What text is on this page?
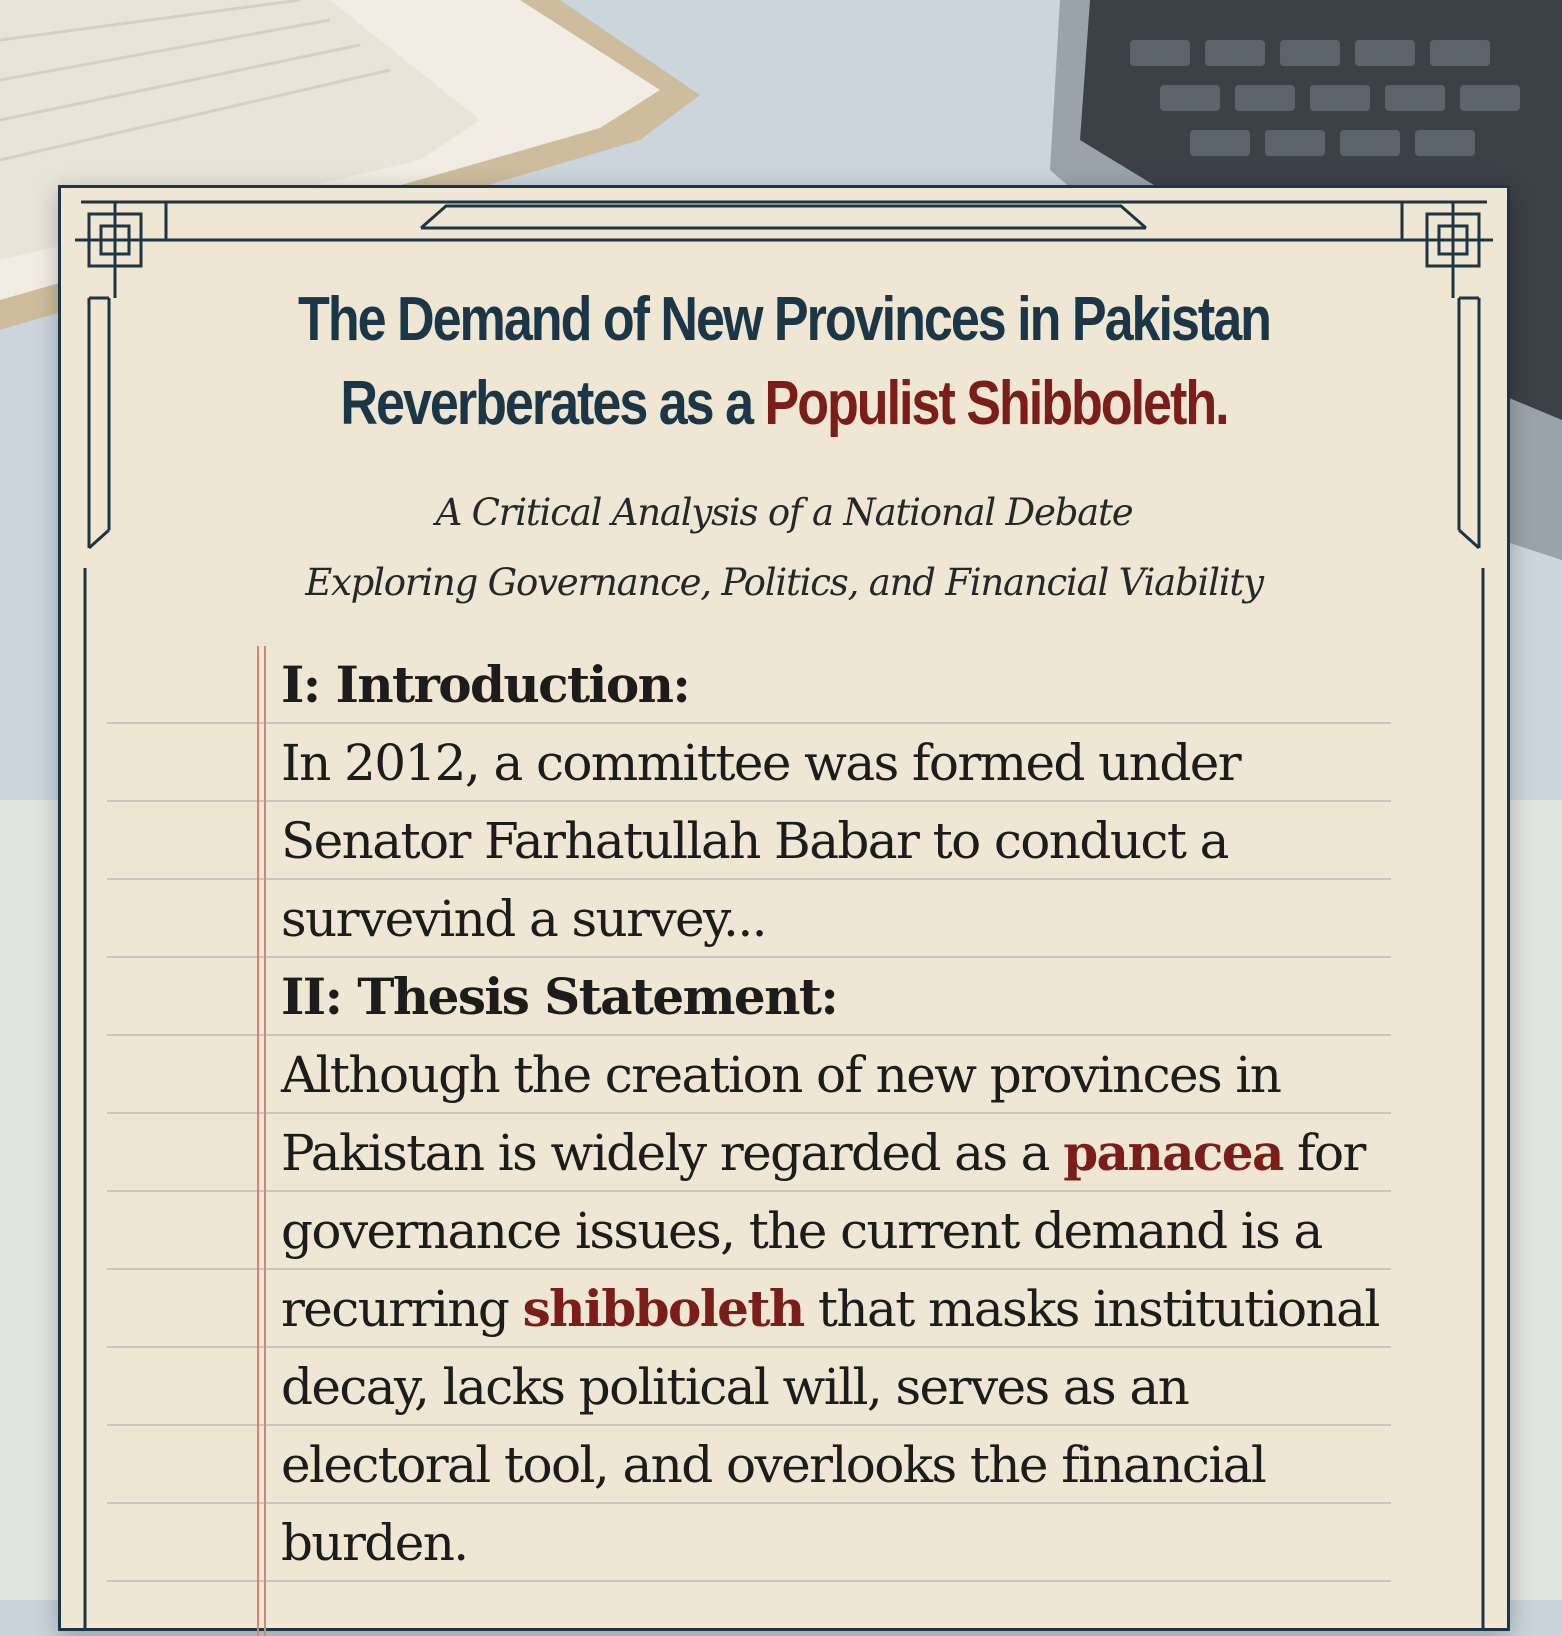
The Demand of New Provinces in Pakistan
Reverberates as a Populist Shibboleth.
A Critical Analysis of a National Debate
Exploring Governance, Politics, and Financial Viability
I: Introduction:
In 2012, a committee was formed under
Senator Farhatullah Babar to conduct a
survevind a survey...
II: Thesis Statement:
Although the creation of new provinces in
Pakistan is widely regarded as a panacea for
governance issues, the current demand is a
recurring shibboleth that masks institutional
decay, lacks political will, serves as an
electoral tool, and overlooks the financial
burden.
